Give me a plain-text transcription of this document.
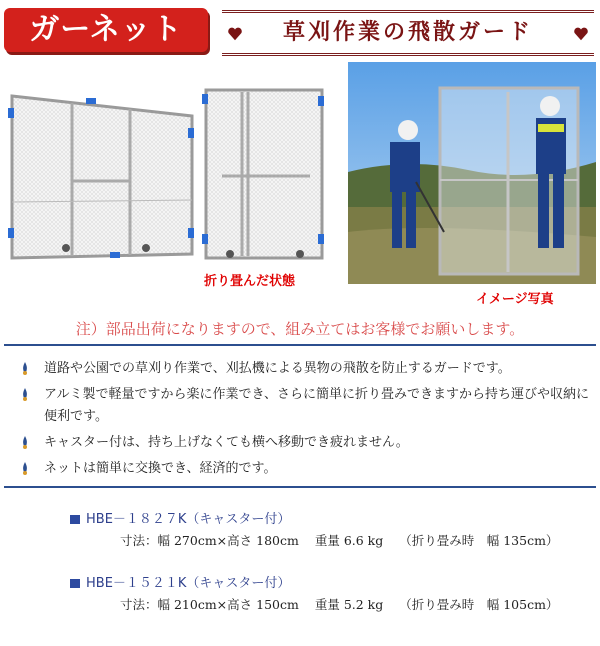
ガーネット	草刈作業の飛散ガード
折り畳んだ状態
イメージ写真
注）部品出荷になりますので、組み立てはお客様でお願いします。
道路や公園での草刈り作業で、刈払機による異物の飛散を防止するガードです。
アルミ製で軽量ですから楽に作業でき、さらに簡単に折り畳みできますから持ち運びや収納に便利です。
キャスター付は、持ち上げなくても横へ移動でき疲れません。
ネットは簡単に交換でき、経済的です。
HBE－１８２７K（キャスター付）
寸法：幅 270cm×高さ 180cm 重量 6.6 kg （折り畳み時　幅 135cm）
HBE－１５２１K（キャスター付）
寸法：幅 210cm×高さ 150cm 重量 5.2 kg （折り畳み時　幅 105cm）
